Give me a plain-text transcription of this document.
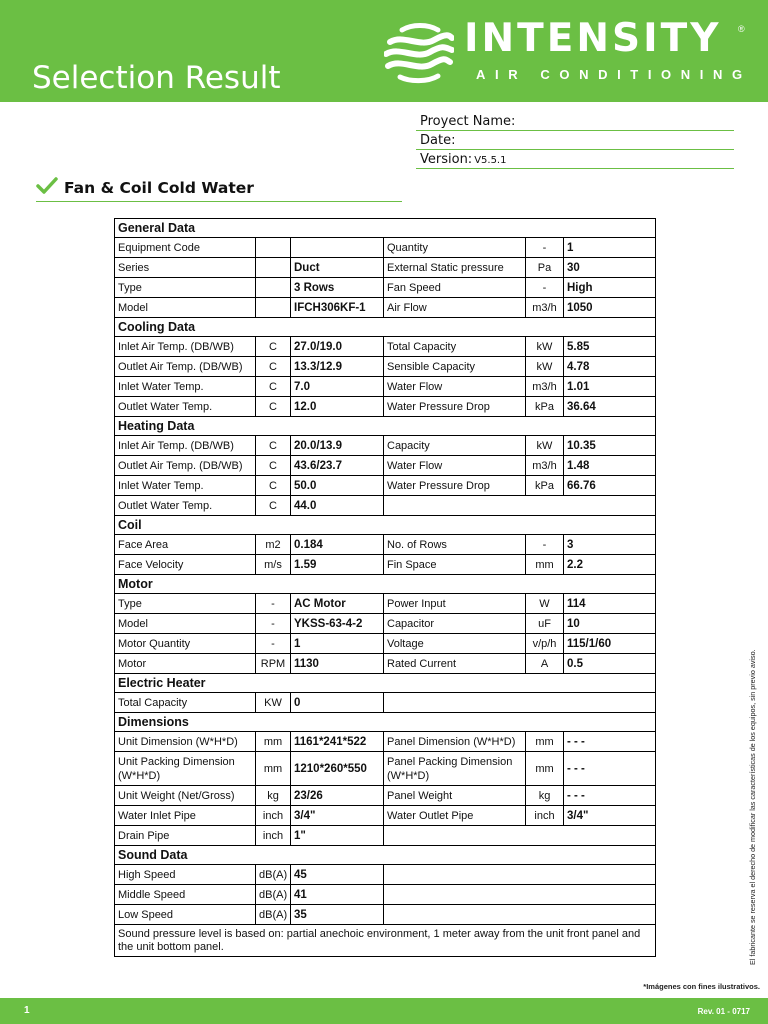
Selection Result
INTENSITY ®
AIR CONDITIONING
Proyect Name:
Date:
Version: V5.5.1
Fan & Coil Cold Water
General Data					
Equipment Code			Quantity	-	1
Series		Duct	External Static pressure	Pa	30
Type		3 Rows	Fan Speed	-	High
Model		IFCH306KF-1	Air Flow	m3/h	1050
Cooling Data					
Inlet Air Temp. (DB/WB)	C	27.0/19.0	Total Capacity	kW	5.85
Outlet Air Temp. (DB/WB)	C	13.3/12.9	Sensible Capacity	kW	4.78
Inlet Water Temp.	C	7.0	Water Flow	m3/h	1.01
Outlet Water Temp.	C	12.0	Water Pressure Drop	kPa	36.64
Heating Data					
Inlet Air Temp. (DB/WB)	C	20.0/13.9	Capacity	kW	10.35
Outlet Air Temp. (DB/WB)	C	43.6/23.7	Water Flow	m3/h	1.48
Inlet Water Temp.	C	50.0	Water Pressure Drop	kPa	66.76
Outlet Water Temp.	C	44.0			
Coil					
Face Area	m2	0.184	No. of Rows	-	3
Face Velocity	m/s	1.59	Fin Space	mm	2.2
Motor					
Type	-	AC Motor	Power Input	W	114
Model	-	YKSS-63-4-2	Capacitor	uF	10
Motor Quantity	-	1	Voltage	v/p/h	115/1/60
Motor	RPM	1130	Rated Current	A	0.5
Electric Heater					
Total Capacity	KW	0			
Dimensions					
Unit Dimension (W*H*D)	mm	1161*241*522	Panel Dimension (W*H*D)	mm	- - -
Unit Packing Dimension (W*H*D)	mm	1210*260*550	Panel Packing Dimension (W*H*D)	mm	- - -
Unit Weight (Net/Gross)	kg	23/26	Panel Weight	kg	- - -
Water Inlet Pipe	inch	3/4"	Water Outlet Pipe	inch	3/4"
Drain Pipe	inch	1"			
Sound Data					
High Speed	dB(A)	45			
Middle Speed	dB(A)	41			
Low Speed	dB(A)	35			
Sound pressure level is based on: partial anechoic environment, 1 meter away from the unit front panel and the unit bottom panel.						El fabricante se reserva el derecho de modificar las características de los equipos, sin previo aviso.
*Imágenes con fines ilustrativos.
1	Rev. 01 - 0717
